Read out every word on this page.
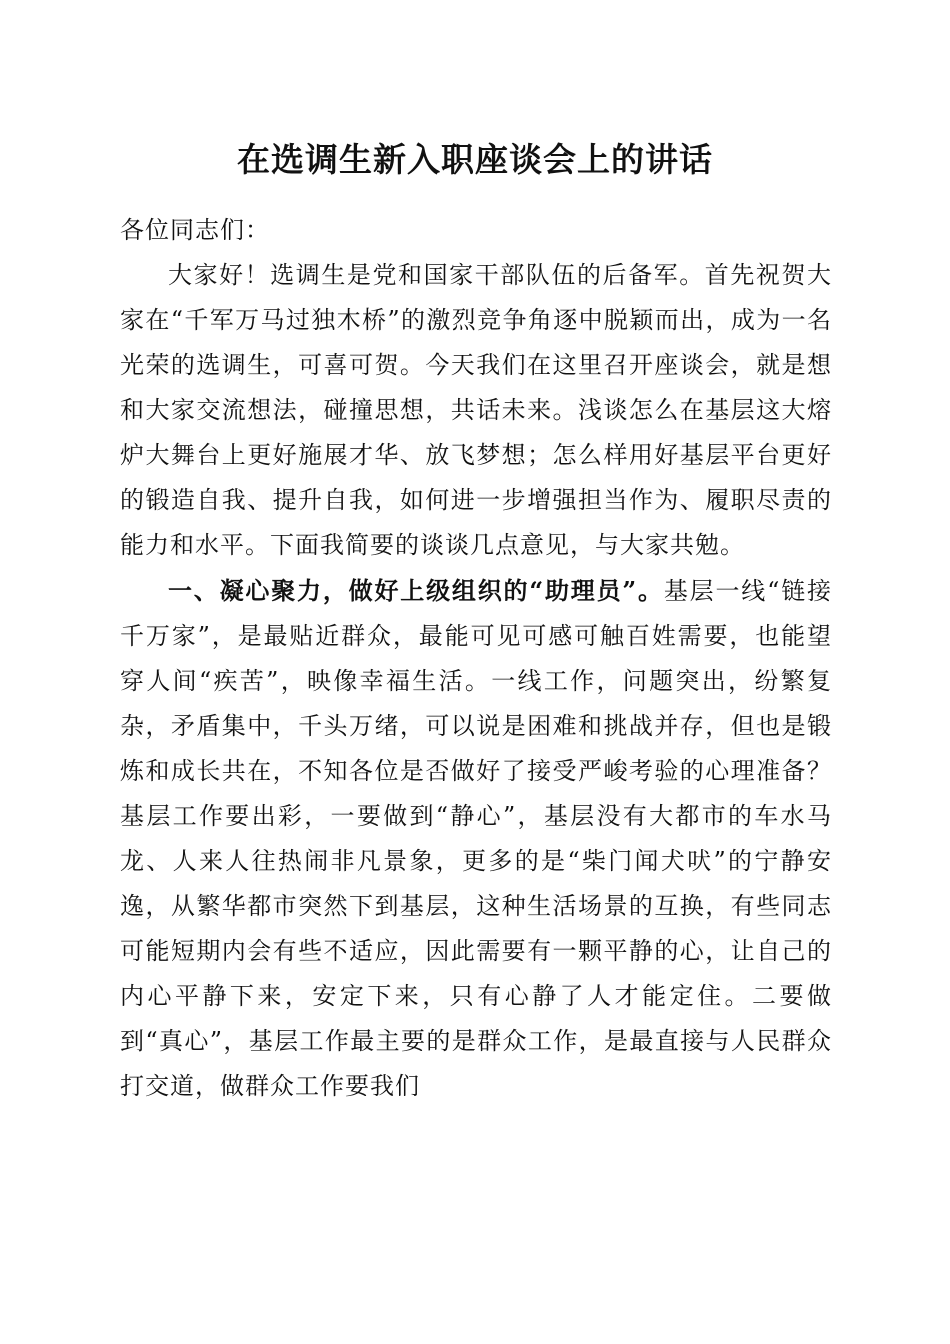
在选调生新入职座谈会上的讲话

各位同志们：

大家好！选调生是党和国家干部队伍的后备军。首先祝贺大家在“千军万马过独木桥”的激烈竞争角逐中脱颖而出，成为一名光荣的选调生，可喜可贺。今天我们在这里召开座谈会，就是想和大家交流想法，碰撞思想，共话未来。浅谈怎么在基层这大熔炉大舞台上更好施展才华、放飞梦想；怎么样用好基层平台更好的锻造自我、提升自我，如何进一步增强担当作为、履职尽责的能力和水平。下面我简要的谈谈几点意见，与大家共勉。

一、凝心聚力，做好上级组织的“助理员”。基层一线“链接千万家”，是最贴近群众，最能可见可感可触百姓需要，也能望穿人间“疾苦”，映像幸福生活。一线工作，问题突出，纷繁复杂，矛盾集中，千头万绪，可以说是困难和挑战并存，但也是锻炼和成长共在，不知各位是否做好了接受严峻考验的心理准备？基层工作要出彩，一要做到“静心”，基层没有大都市的车水马龙、人来人往热闹非凡景象，更多的是“柴门闻犬吠”的宁静安逸，从繁华都市突然下到基层，这种生活场景的互换，有些同志可能短期内会有些不适应，因此需要有一颗平静的心，让自己的内心平静下来，安定下来，只有心静了人才能定住。二要做到“真心”，基层工作最主要的是群众工作，是最直接与人民群众打交道，做群众工作要我们
